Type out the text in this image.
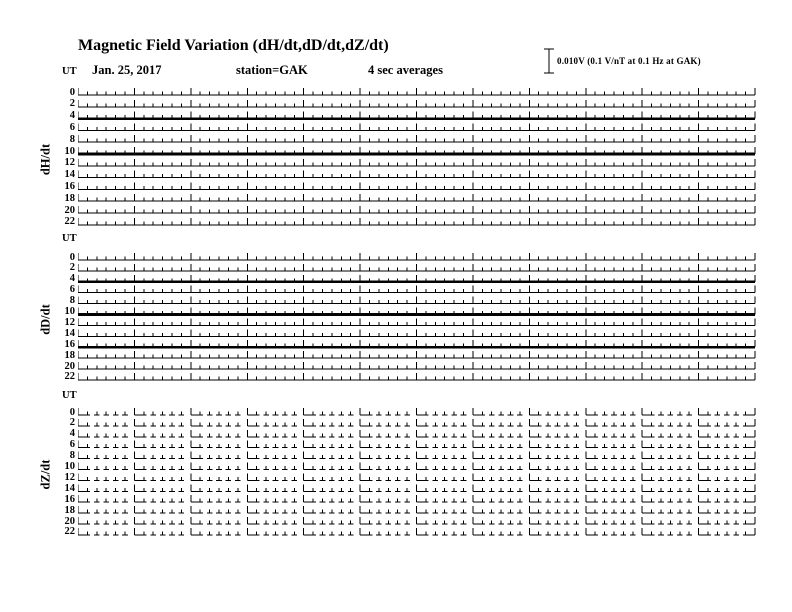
Magnetic Field Variation (dH/dt,dD/dt,dZ/dt)
Jan. 25, 2017	station=GAK	4 sec averages
0.010V (0.1 V/nT at 0.1 Hz at GAK)
UT
dH/dt
0
2
4
6
8
10
12
14
16
18
20
22
UT
dD/dt
0
2
4
6
8
10
12
14
16
18
20
22
UT
dZ/dt
0
2
4
6
8
10
12
14
16
18
20
22
